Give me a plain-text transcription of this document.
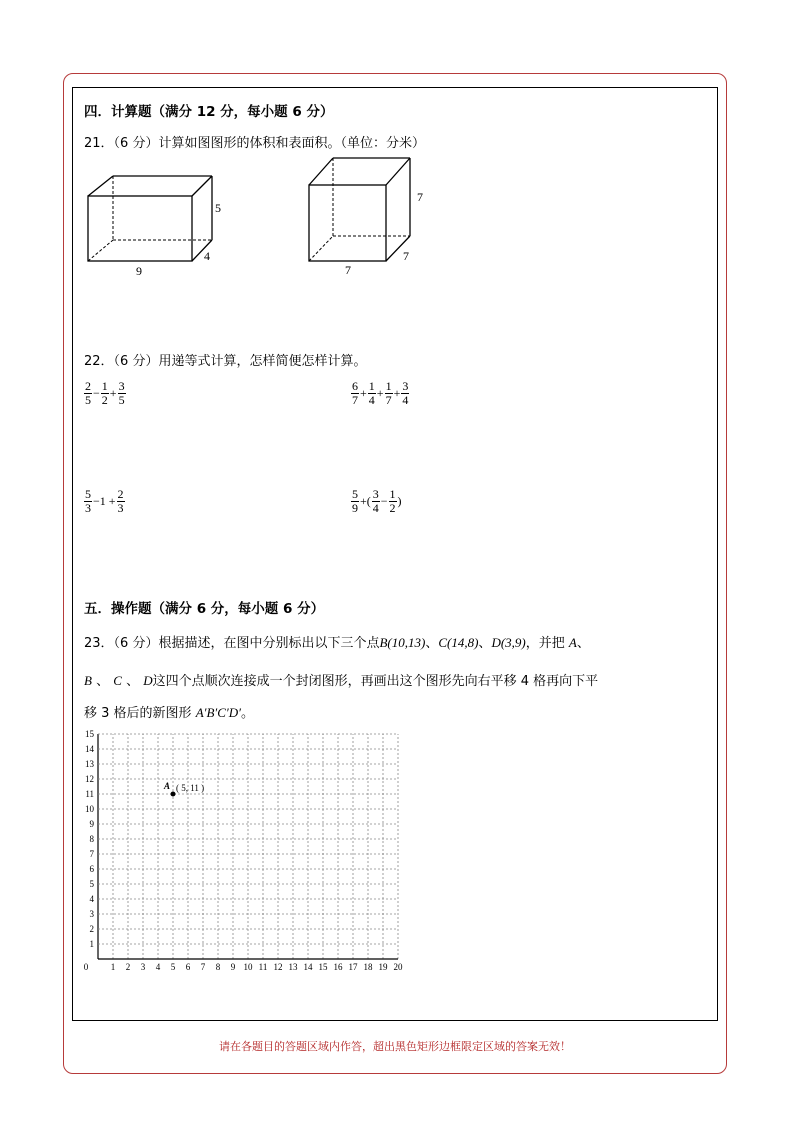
四．计算题（满分 12 分，每小题 6 分）
21．（6 分）计算如图图形的体积和表面积。（单位：分米）
5
4
9
7
7
7
22．（6 分）用递等式计算，怎样简便怎样计算。
$\frac{2}{5} - \frac{1}{2} + \frac{3}{5}$	$\frac{6}{7} + \frac{1}{4} + \frac{1}{7} + \frac{3}{4}$
$\frac{5}{3} -1 + \frac{2}{3}$	$\frac{5}{9}$ +( $\frac{3}{4} - \frac{1}{2}$ )
五．操作题（满分 6 分，每小题 6 分）
23．（6 分）根据描述，在图中分别标出以下三个点B(10,13)、C(14,8)、D(3,9)，并把 A、
B 、 C 、 D这四个点顺次连接成一个封闭图形，再画出这个图形先向右平移 4 格再向下平
移 3 格后的新图形 A′B′C′D′。
0	1 2 3 4 5 6 7 8 9 10 11 12 13 14 15 16 17 18 19 20
1
2
3
4
5
6
7
8
9
10
11
12
13
14
15
A ( 5, 11 )
请在各题目的答题区域内作答，超出黑色矩形边框限定区域的答案无效！
